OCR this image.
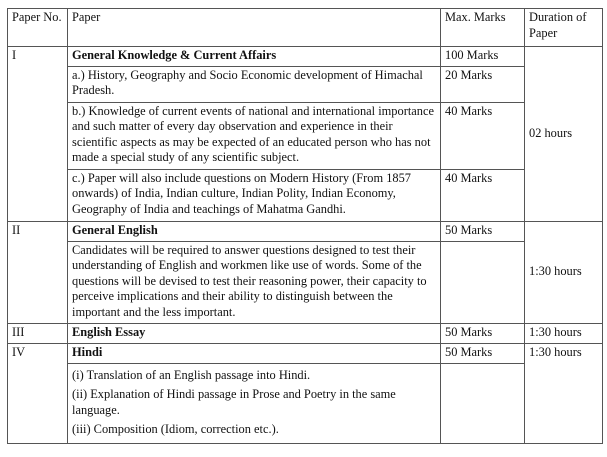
Paper No.	Paper	Max. Marks	Duration of Paper
I	General Knowledge & Current Affairs	100 Marks	02 hours
	a.) History, Geography and Socio Economic development of Himachal Pradesh.	20 Marks	
	b.) Knowledge of current events of national and international importance and such matter of every day observation and experience in their scientific aspects as may be expected of an educated person who has not made a special study of any scientific subject.	40 Marks	
	c.) Paper will also include questions on Modern History (From 1857 onwards) of India, Indian culture, Indian Polity, Indian Economy, Geography of India and teachings of Mahatma Gandhi.	40 Marks	
II	General English	50 Marks	1:30 hours
	Candidates will be required to answer questions designed to test their understanding of English and workmen like use of words. Some of the questions will be devised to test their reasoning power, their capacity to perceive implications and their ability to distinguish between the important and the less important.		
III	English Essay	50 Marks	1:30 hours
IV	Hindi	50 Marks	1:30 hours

	(i) Translation of an English passage into Hindi.
(ii) Explanation of Hindi passage in Prose and Poetry in the same language.
(iii) Composition (Idiom, correction etc.).		
